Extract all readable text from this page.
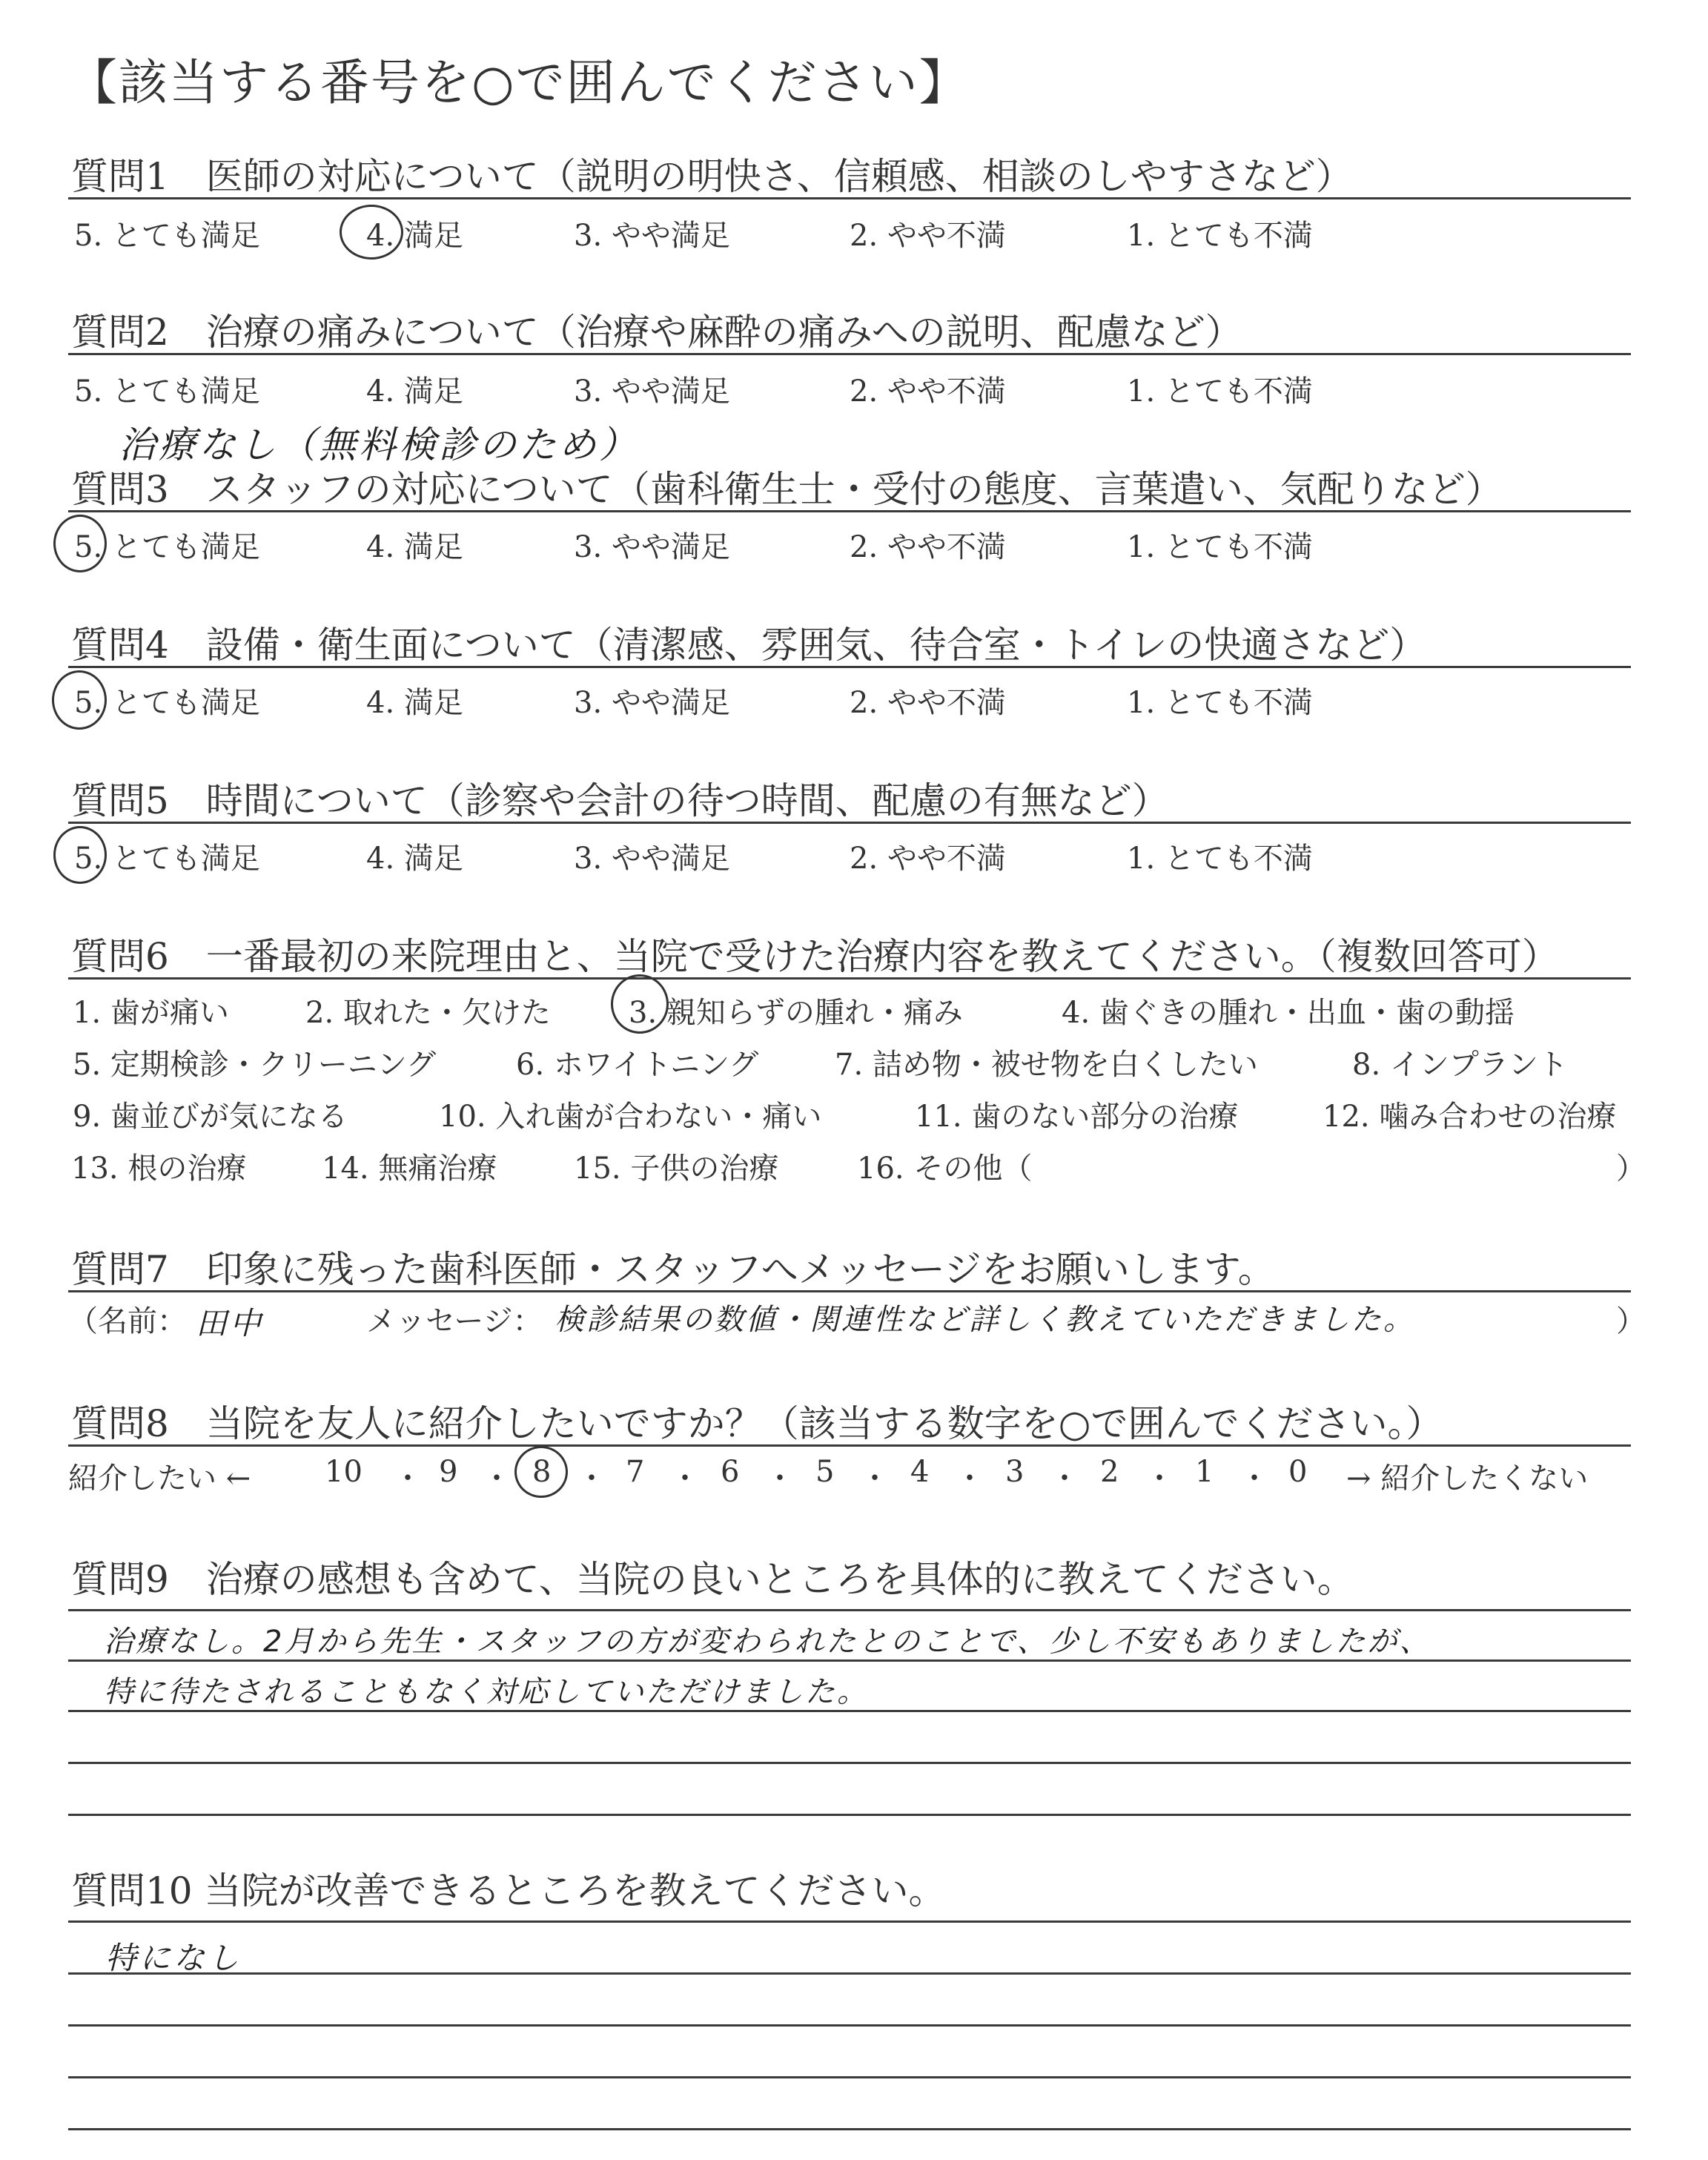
【該当する番号を○で囲んでください】
質問1　医師の対応について（説明の明快さ、信頼感、相談のしやすさなど）
5. とても満足	4. 満足	3. やや満足	2. やや不満	1. とても不満
質問2　治療の痛みについて（治療や麻酔の痛みへの説明、配慮など）
5. とても満足	4. 満足	3. やや満足	2. やや不満	1. とても不満
治療なし（無料検診のため）
質問3　スタッフの対応について（歯科衛生士・受付の態度、言葉遣い、気配りなど）
5. とても満足	4. 満足	3. やや満足	2. やや不満	1. とても不満
質問4　設備・衛生面について（清潔感、雰囲気、待合室・トイレの快適さなど）
5. とても満足	4. 満足	3. やや満足	2. やや不満	1. とても不満
質問5　時間について（診察や会計の待つ時間、配慮の有無など）
5. とても満足	4. 満足	3. やや満足	2. やや不満	1. とても不満
質問6　一番最初の来院理由と、当院で受けた治療内容を教えてください。（複数回答可）
1. 歯が痛い	2. 取れた・欠けた	3. 親知らずの腫れ・痛み	4. 歯ぐきの腫れ・出血・歯の動揺
5. 定期検診・クリーニング	6. ホワイトニング	7. 詰め物・被せ物を白くしたい	8. インプラント
9. 歯並びが気になる	10. 入れ歯が合わない・痛い	11. 歯のない部分の治療	12. 噛み合わせの治療
13. 根の治療	14. 無痛治療	15. 子供の治療	16. その他（	）
質問7　印象に残った歯科医師・スタッフへメッセージをお願いします。
（名前： 田中	メッセージ： 検診結果の数値・関連性など詳しく教えていただきました。	）
質問8　当院を友人に紹介したいですか？（該当する数字を○で囲んでください。）
紹介したい ← 10 ・ 9 ・ 8 ・ 7 ・ 6 ・ 5 ・ 4 ・ 3 ・ 2 ・ 1 ・ 0 → 紹介したくない
質問9　治療の感想も含めて、当院の良いところを具体的に教えてください。
治療なし。2月から先生・スタッフの方が変わられたとのことで、少し不安もありましたが、
特に待たされることもなく対応していただけました。
質問10 当院が改善できるところを教えてください。
特になし
